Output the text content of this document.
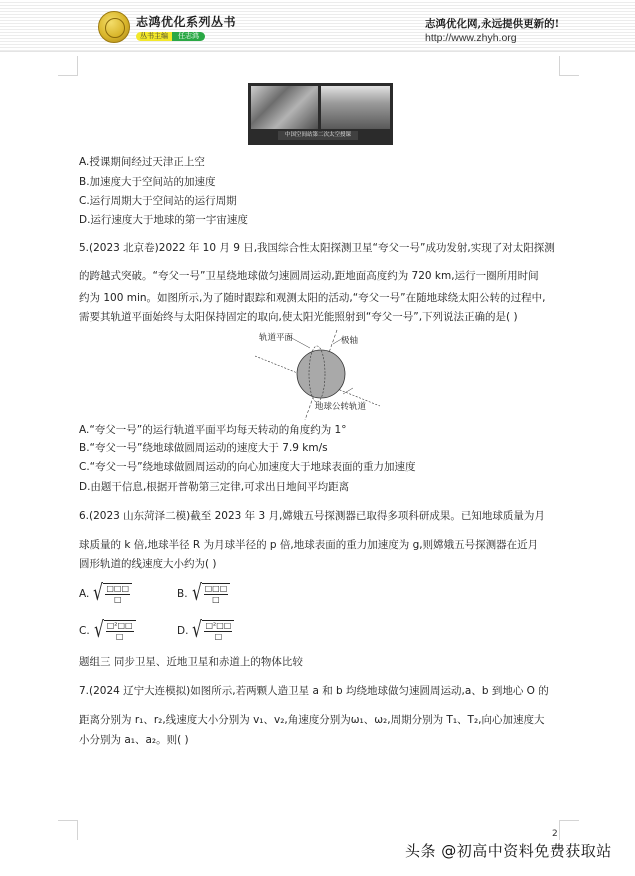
志鸿优化系列丛书
丛书主编	任志鸿
志鸿优化网,永远提供更新的!
http://www.zhyh.org
中国空间站第二次太空授课
A.授课期间经过天津正上空
B.加速度大于空间站的加速度
C.运行周期大于空间站的运行周期
D.运行速度大于地球的第一宇宙速度
5.(2023 北京卷)2022 年 10 月 9 日,我国综合性太阳探测卫星“夸父一号”成功发射,实现了对太阳探测
的跨越式突破。“夸父一号”卫星绕地球做匀速圆周运动,距地面高度约为 720 km,运行一圈所用时间
约为 100 min。如图所示,为了随时跟踪和观测太阳的活动,“夸父一号”在随地球绕太阳公转的过程中,
需要其轨道平面始终与太阳保持固定的取向,使太阳光能照射到“夸父一号”,下列说法正确的是( )
轨道平面	极轴
地球公转轨道
A.“夸父一号”的运行轨道平面平均每天转动的角度约为 1°
B.“夸父一号”绕地球做圆周运动的速度大于 7.9 km/s
C.“夸父一号”绕地球做圆周运动的向心加速度大于地球表面的重力加速度
D.由题干信息,根据开普勒第三定律,可求出日地间平均距离
6.(2023 山东菏泽二模)截至 2023 年 3 月,嫦娥五号探测器已取得多项科研成果。已知地球质量为月
球质量的 k 倍,地球半径 R 为月球半径的 p 倍,地球表面的重力加速度为 g,则嫦娥五号探测器在近月
圆形轨道的线速度大小约为( )
A. √ $\frac{□□□}{□}$	B. √ $\frac{□□□}{□}$
C. √ $\frac{\text{□²□□}}{□}$	D. √ $\frac{\text{□²□□}}{□}$
题组三 同步卫星、近地卫星和赤道上的物体比较
7.(2024 辽宁大连模拟)如图所示,若两颗人造卫星 a 和 b 均绕地球做匀速圆周运动,a、b 到地心 O 的
距离分别为 r₁、r₂,线速度大小分别为 v₁、v₂,角速度分别为ω₁、ω₂,周期分别为 T₁、T₂,向心加速度大
小分别为 a₁、a₂。则( )
2
头条 @初高中资料免费获取站
